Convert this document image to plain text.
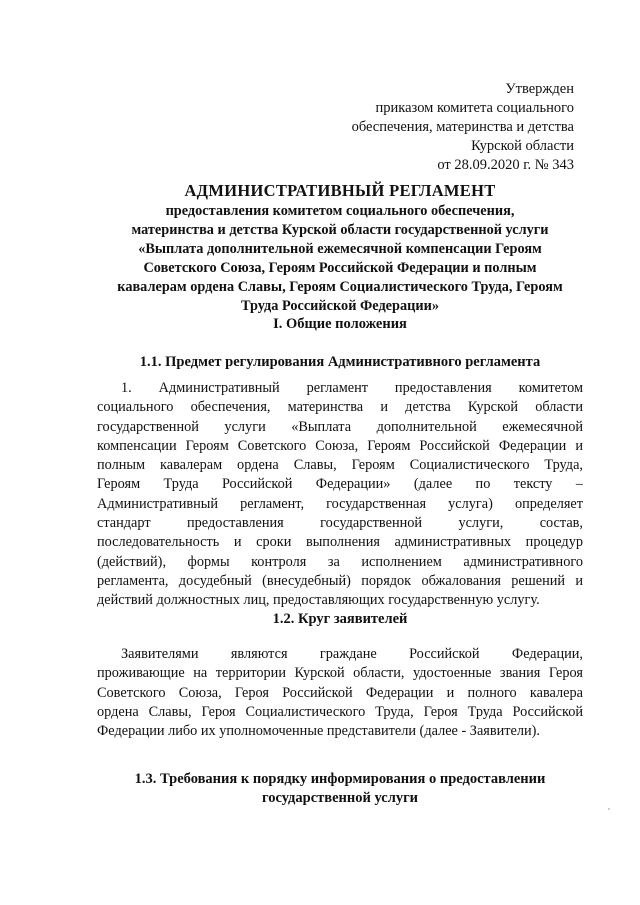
Утвержден
приказом комитета социального
обеспечения, материнства и детства
Курской области
от 28.09.2020 г. № 343
АДМИНИСТРАТИВНЫЙ РЕГЛАМЕНТ
предоставления комитетом социального обеспечения,
материнства и детства Курской области государственной услуги
«Выплата дополнительной ежемесячной компенсации Героям
Советского Союза, Героям Российской Федерации и полным
кавалерам ордена Славы, Героям Социалистического Труда, Героям
Труда Российской Федерации»
I. Общие положения
1.1. Предмет регулирования Административного регламента
1. Административный регламент предоставления комитетом
социального обеспечения, материнства и детства Курской области
государственной услуги «Выплата дополнительной ежемесячной
компенсации Героям Советского Союза, Героям Российской Федерации и
полным кавалерам ордена Славы, Героям Социалистического Труда,
Героям Труда Российской Федерации» (далее по тексту –
Административный регламент, государственная услуга) определяет
стандарт предоставления государственной услуги, состав,
последовательность и сроки выполнения административных процедур
(действий), формы контроля за исполнением административного
регламента, досудебный (внесудебный) порядок обжалования решений и
действий должностных лиц, предоставляющих государственную услугу.
1.2. Круг заявителей
Заявителями являются граждане Российской Федерации,
проживающие на территории Курской области, удостоенные звания Героя
Советского Союза, Героя Российской Федерации и полного кавалера
ордена Славы, Героя Социалистического Труда, Героя Труда Российской
Федерации либо их уполномоченные представители (далее - Заявители).
1.3. Требования к порядку информирования о предоставлении
государственной услуги
